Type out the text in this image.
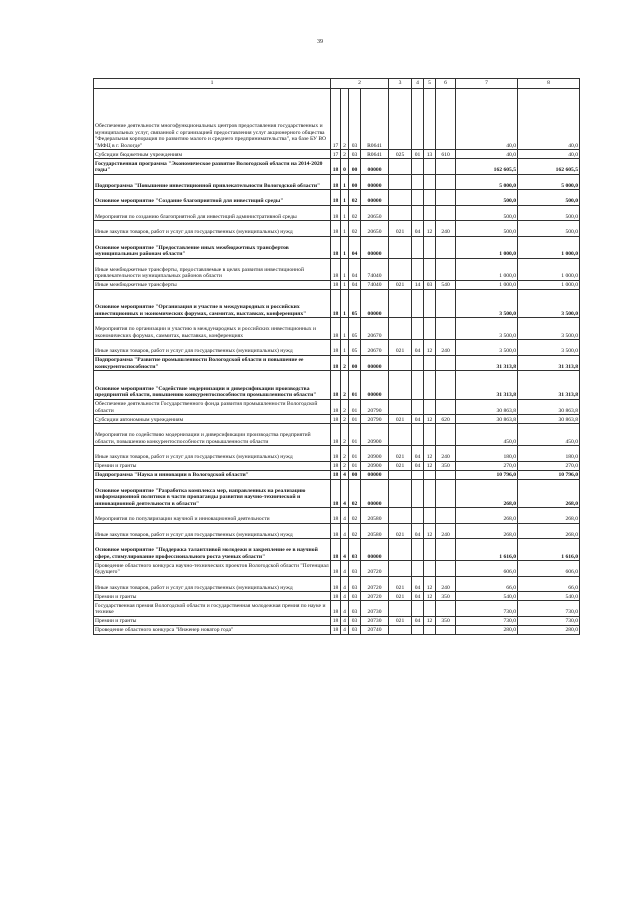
39
1	2				3	4	5	6	7	8
Обеспечение деятельности многофункциональных центров предоставления государственных и муниципальных услуг, связанной с организацией предоставления услуг акционерного общества "Федеральная корпорация по развитию малого и среднего предпринимательства", на базе БУ ВО "МФЦ в г. Вологде"	17	2	03	R0641					40,0	40,0
Субсидии бюджетным учреждениям	17	2	03	R0641	025	01	13	610	40,0	40,0
Государственная программа "Экономическое развитие Вологодской области на 2014-2020 годы"	18	0	00	00000					162 605,5	162 605,5
Подпрограмма "Повышение инвестиционной привлекательности Вологодской области"	18	1	00	00000					5 000,0	5 000,0
Основное мероприятие "Создание благоприятной для инвестиций среды"	18	1	02	00000					500,0	500,0
Мероприятия по созданию благоприятной для инвестиций административной среды	18	1	02	20650					500,0	500,0
Иные закупки товаров, работ и услуг для государственных (муниципальных) нужд	18	1	02	20650	021	04	12	240	500,0	500,0
Основное мероприятие "Предоставление иных межбюджетных трансфертов муниципальным районам области"	18	1	04	00000					1 000,0	1 000,0
Иные межбюджетные трансферты, предоставляемые в целях развития инвестиционной привлекательности муниципальных районов области	18	1	04	74040					1 000,0	1 000,0
Иные межбюджетные трансферты	18	1	04	74040	021	14	03	540	1 000,0	1 000,0
Основное мероприятие "Организация и участие в международных и российских инвестиционных и экономических форумах, саммитах, выставках, конференциях"	18	1	05	00000					3 500,0	3 500,0
Мероприятия по организации и участию в международных и российских инвестиционных и экономических форумах, саммитах, выставках, конференциях	18	1	05	20670					3 500,0	3 500,0
Иные закупки товаров, работ и услуг для государственных (муниципальных) нужд	18	1	05	20670	021	04	12	240	3 500,0	3 500,0
Подпрограмма "Развитие промышленности Вологодской области и повышение ее конкурентоспособности"	18	2	00	00000					31 313,8	31 313,8
Основное мероприятие "Содействие модернизации и диверсификации производства предприятий области, повышению конкурентоспособности промышленности области"	18	2	01	00000					31 313,8	31 313,8
Обеспечение деятельности Государственного фонда развития промышленности Вологодской области	18	2	01	20790					30 863,8	30 863,8
Субсидии автономным учреждениям	18	2	01	20790	021	04	12	620	30 863,8	30 863,8
Мероприятия по содействию модернизации и диверсификации производства предприятий области, повышению конкурентоспособности промышленности области	18	2	01	20900					450,0	450,0
Иные закупки товаров, работ и услуг для государственных (муниципальных) нужд	18	2	01	20900	021	04	12	240	180,0	180,0
Премии и гранты	18	2	01	20900	021	04	12	350	270,0	270,0
Подпрограмма "Наука и инновации в Вологодской области"	18	4	00	00000					10 796,0	10 796,0
Основное мероприятие "Разработка комплекса мер, направленных на реализацию информационной политики в части пропаганды развития научно-технической и инновационной деятельности в области"	18	4	02	00000					268,0	268,0
Мероприятия по популяризации научной и инновационной деятельности	18	4	02	20580					268,0	268,0
Иные закупки товаров, работ и услуг для государственных (муниципальных) нужд	18	4	02	20580	021	04	12	240	268,0	268,0
Основное мероприятие "Поддержка талантливой молодежи и закрепление ее в научной сфере, стимулирование профессионального роста ученых области"	18	4	03	00000					1 616,0	1 616,0
Проведение областного конкурса научно-технических проектов Вологодской области "Потенциал будущего"	18	4	03	20720					606,0	606,0
Иные закупки товаров, работ и услуг для государственных (муниципальных) нужд	18	4	03	20720	021	04	12	240	66,0	66,0
Премии и гранты	18	4	03	20720	021	04	12	350	540,0	540,0
Государственная премия Вологодской области и государственная молодежная премия по науке и технике	18	4	03	20730					730,0	730,0
Премии и гранты	18	4	03	20730	021	04	12	350	730,0	730,0
Проведение областного конкурса "Инженер новатор года"	18	4	03	20740					280,0	280,0
